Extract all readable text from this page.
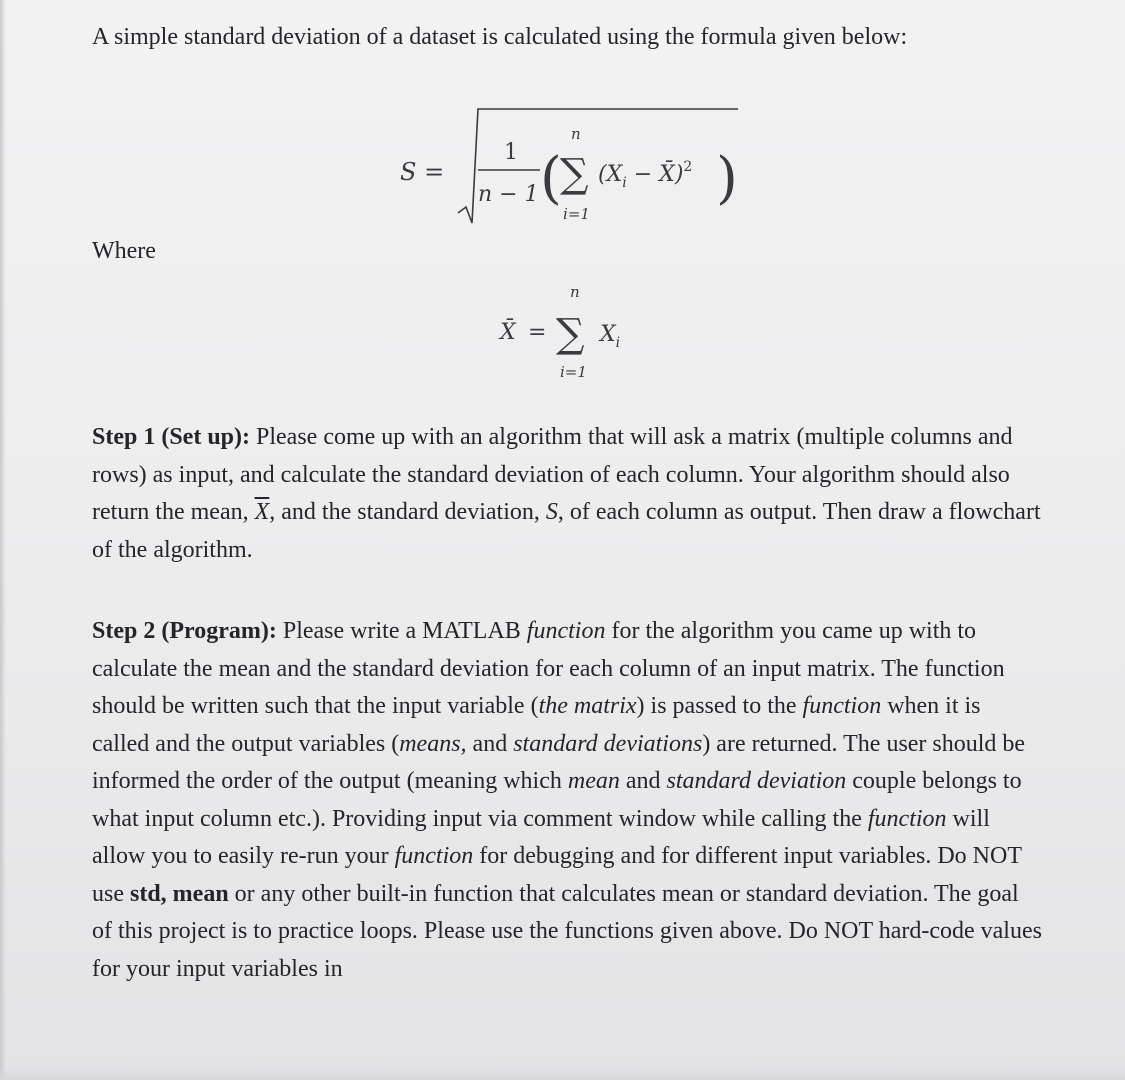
A simple standard deviation of a dataset is calculated using the formula given below:
S =
1
n − 1 (
n
∑
i=1
($X_i$ − X̄)$^2$ )
Where
X̄ =
n
∑
i=1
$X_i$
Step 1 (Set up): Please come up with an algorithm that will ask a matrix (multiple columns and rows) as input, and calculate the standard deviation of each column. Your algorithm should also return the mean, $\overline{X}$, and the standard deviation, S, of each column as output. Then draw a flowchart of the algorithm.
Step 2 (Program): Please write a MATLAB function for the algorithm you came up with to calculate the mean and the standard deviation for each column of an input matrix. The function should be written such that the input variable (the matrix) is passed to the function when it is called and the output variables (means, and standard deviations) are returned. The user should be informed the order of the output (meaning which mean and standard deviation couple belongs to what input column etc.). Providing input via comment window while calling the function will allow you to easily re-run your function for debugging and for different input variables. Do NOT use std, mean or any other built-in function that calculates mean or standard deviation. The goal of this project is to practice loops. Please use the functions given above. Do NOT hard-code values for your input variables in
